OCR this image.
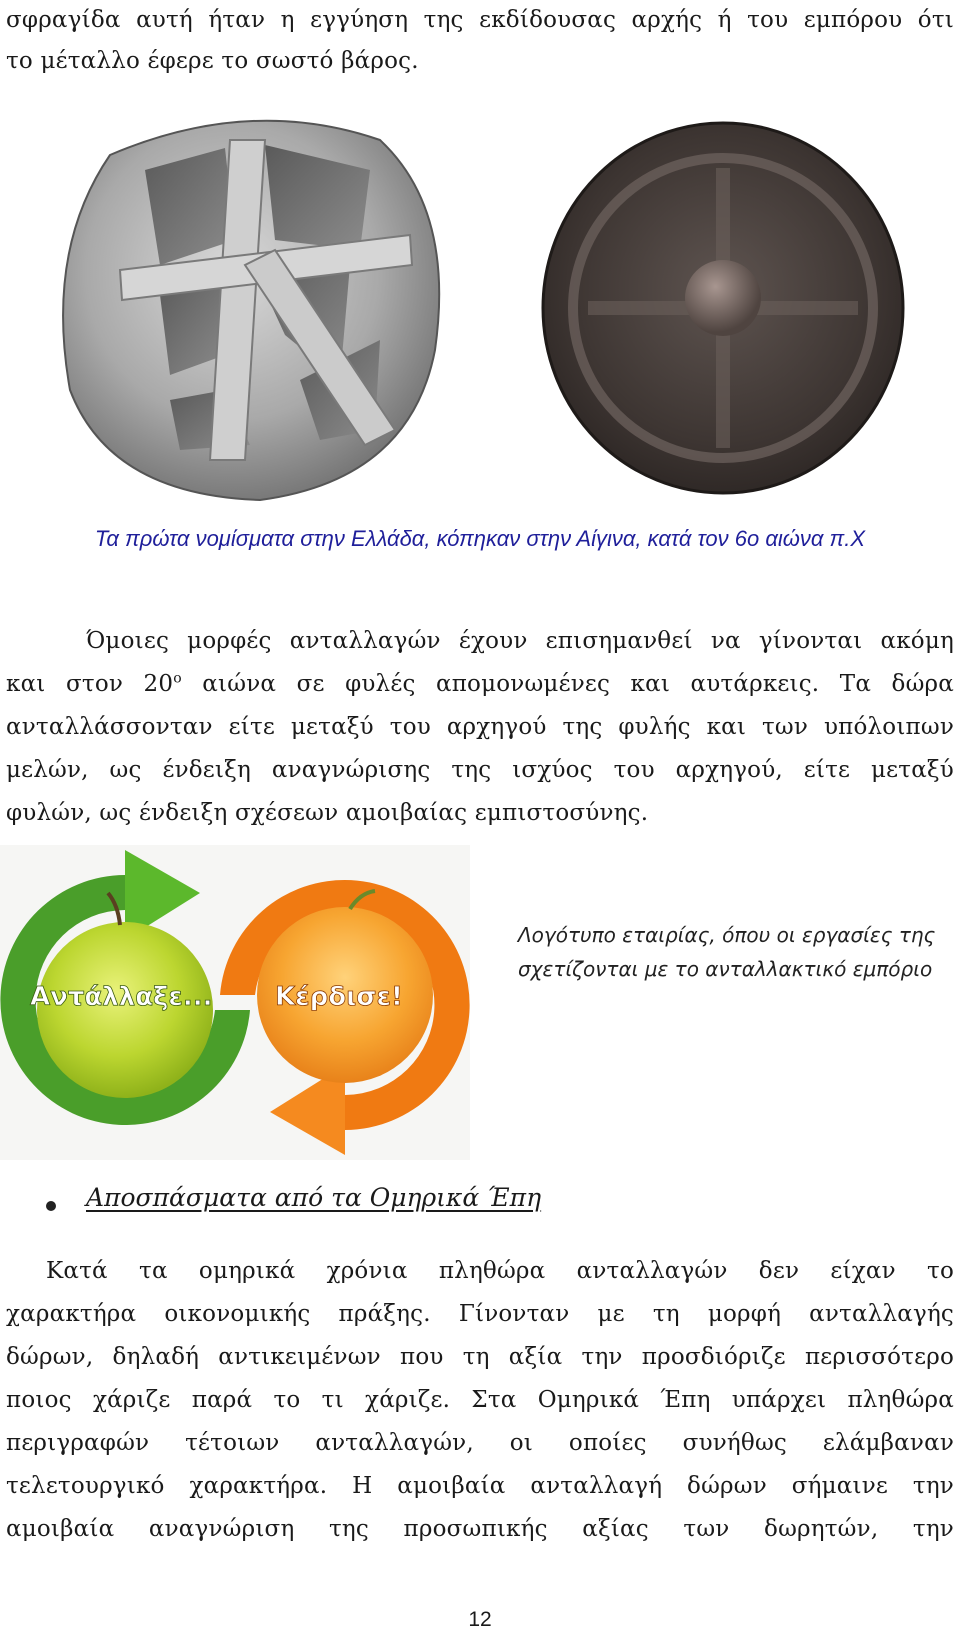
σφραγίδα αυτή ήταν η εγγύηση της εκδίδουσας αρχής ή του εμπόρου ότι
το μέταλλο έφερε το σωστό βάρος.
Τα πρώτα νομίσματα στην Ελλάδα, κόπηκαν στην Αίγινα, κατά τον 6ο αιώνα π.Χ
Όμοιες μορφές ανταλλαγών έχουν επισημανθεί να γίνονται ακόμη
και στον $20^o$ αιώνα σε φυλές απομονωμένες και αυτάρκεις. Τα δώρα
ανταλλάσσονταν είτε μεταξύ του αρχηγού της φυλής και των υπόλοιπων
μελών, ως ένδειξη αναγνώρισης της ισχύος του αρχηγού, είτε μεταξύ
φυλών, ως ένδειξη σχέσεων αμοιβαίας εμπιστοσύνης.
Αντάλλαξε... Κέρδισε!
Λογότυπο εταιρίας, όπου οι εργασίες της
σχετίζονται με το ανταλλακτικό εμπόριο
Αποσπάσματα από τα Ομηρικά Έπη
Κατά τα ομηρικά χρόνια πληθώρα ανταλλαγών δεν είχαν το
χαρακτήρα οικονομικής πράξης. Γίνονταν με τη μορφή ανταλλαγής
δώρων, δηλαδή αντικειμένων που τη αξία την προσδιόριζε περισσότερο
ποιος χάριζε παρά το τι χάριζε. Στα Ομηρικά Έπη υπάρχει πληθώρα
περιγραφών τέτοιων ανταλλαγών, οι οποίες συνήθως ελάμβαναν
τελετουργικό χαρακτήρα. Η αμοιβαία ανταλλαγή δώρων σήμαινε την
αμοιβαία αναγνώριση της προσωπικής αξίας των δωρητών, την
12
